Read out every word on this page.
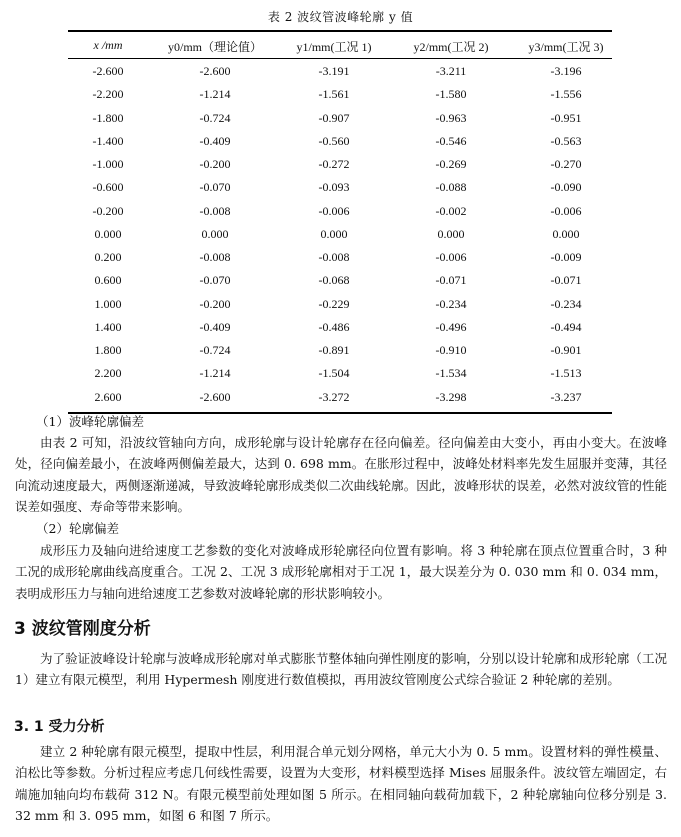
表 2 波纹管波峰轮廓 y 值
x /mm	y0/mm（理论值）	y1/mm(工况 1)	y2/mm(工况 2)	y3/mm(工况 3)
-2.600	-2.600	-3.191	-3.211	-3.196
-2.200	-1.214	-1.561	-1.580	-1.556
-1.800	-0.724	-0.907	-0.963	-0.951
-1.400	-0.409	-0.560	-0.546	-0.563
-1.000	-0.200	-0.272	-0.269	-0.270
-0.600	-0.070	-0.093	-0.088	-0.090
-0.200	-0.008	-0.006	-0.002	-0.006
0.000	0.000	0.000	0.000	0.000
0.200	-0.008	-0.008	-0.006	-0.009
0.600	-0.070	-0.068	-0.071	-0.071
1.000	-0.200	-0.229	-0.234	-0.234
1.400	-0.409	-0.486	-0.496	-0.494
1.800	-0.724	-0.891	-0.910	-0.901
2.200	-1.214	-1.504	-1.534	-1.513
2.600	-2.600	-3.272	-3.298	-3.237
（1）波峰轮廓偏差
由表 2 可知，沿波纹管轴向方向，成形轮廓与设计轮廓存在径向偏差。径向偏差由大变小，再由小变大。在波峰处，径向偏差最小，在波峰两侧偏差最大，达到 0. 698 mm。在胀形过程中，波峰处材料率先发生屈服并变薄，其径向流动速度最大，两侧逐渐递减，导致波峰轮廓形成类似二次曲线轮廓。因此，波峰形状的误差，必然对波纹管的性能误差如强度、寿命等带来影响。
（2）轮廓偏差
成形压力及轴向进给速度工艺参数的变化对波峰成形轮廓径向位置有影响。将 3 种轮廓在顶点位置重合时，3 种工况的成形轮廓曲线高度重合。工况 2、工况 3 成形轮廓相对于工况 1，最大误差分为 0. 030 mm 和 0. 034 mm，表明成形压力与轴向进给速度工艺参数对波峰轮廓的形状影响较小。
3 波纹管刚度分析
为了验证波峰设计轮廓与波峰成形轮廓对单式膨胀节整体轴向弹性刚度的影响，分别以设计轮廓和成形轮廓（工况 1）建立有限元模型，利用 Hypermesh 刚度进行数值模拟，再用波纹管刚度公式综合验证 2 种轮廓的差别。
3. 1 受力分析
建立 2 种轮廓有限元模型，提取中性层，利用混合单元划分网格，单元大小为 0. 5 mm。设置材料的弹性模量、泊松比等参数。分析过程应考虑几何线性需要，设置为大变形，材料模型选择 Mises 屈服条件。波纹管左端固定，右端施加轴向均布载荷 312 N。有限元模型前处理如图 5 所示。在相同轴向载荷加载下，2 种轮廓轴向位移分别是 3. 32 mm 和 3. 095 mm，如图 6 和图 7 所示。
